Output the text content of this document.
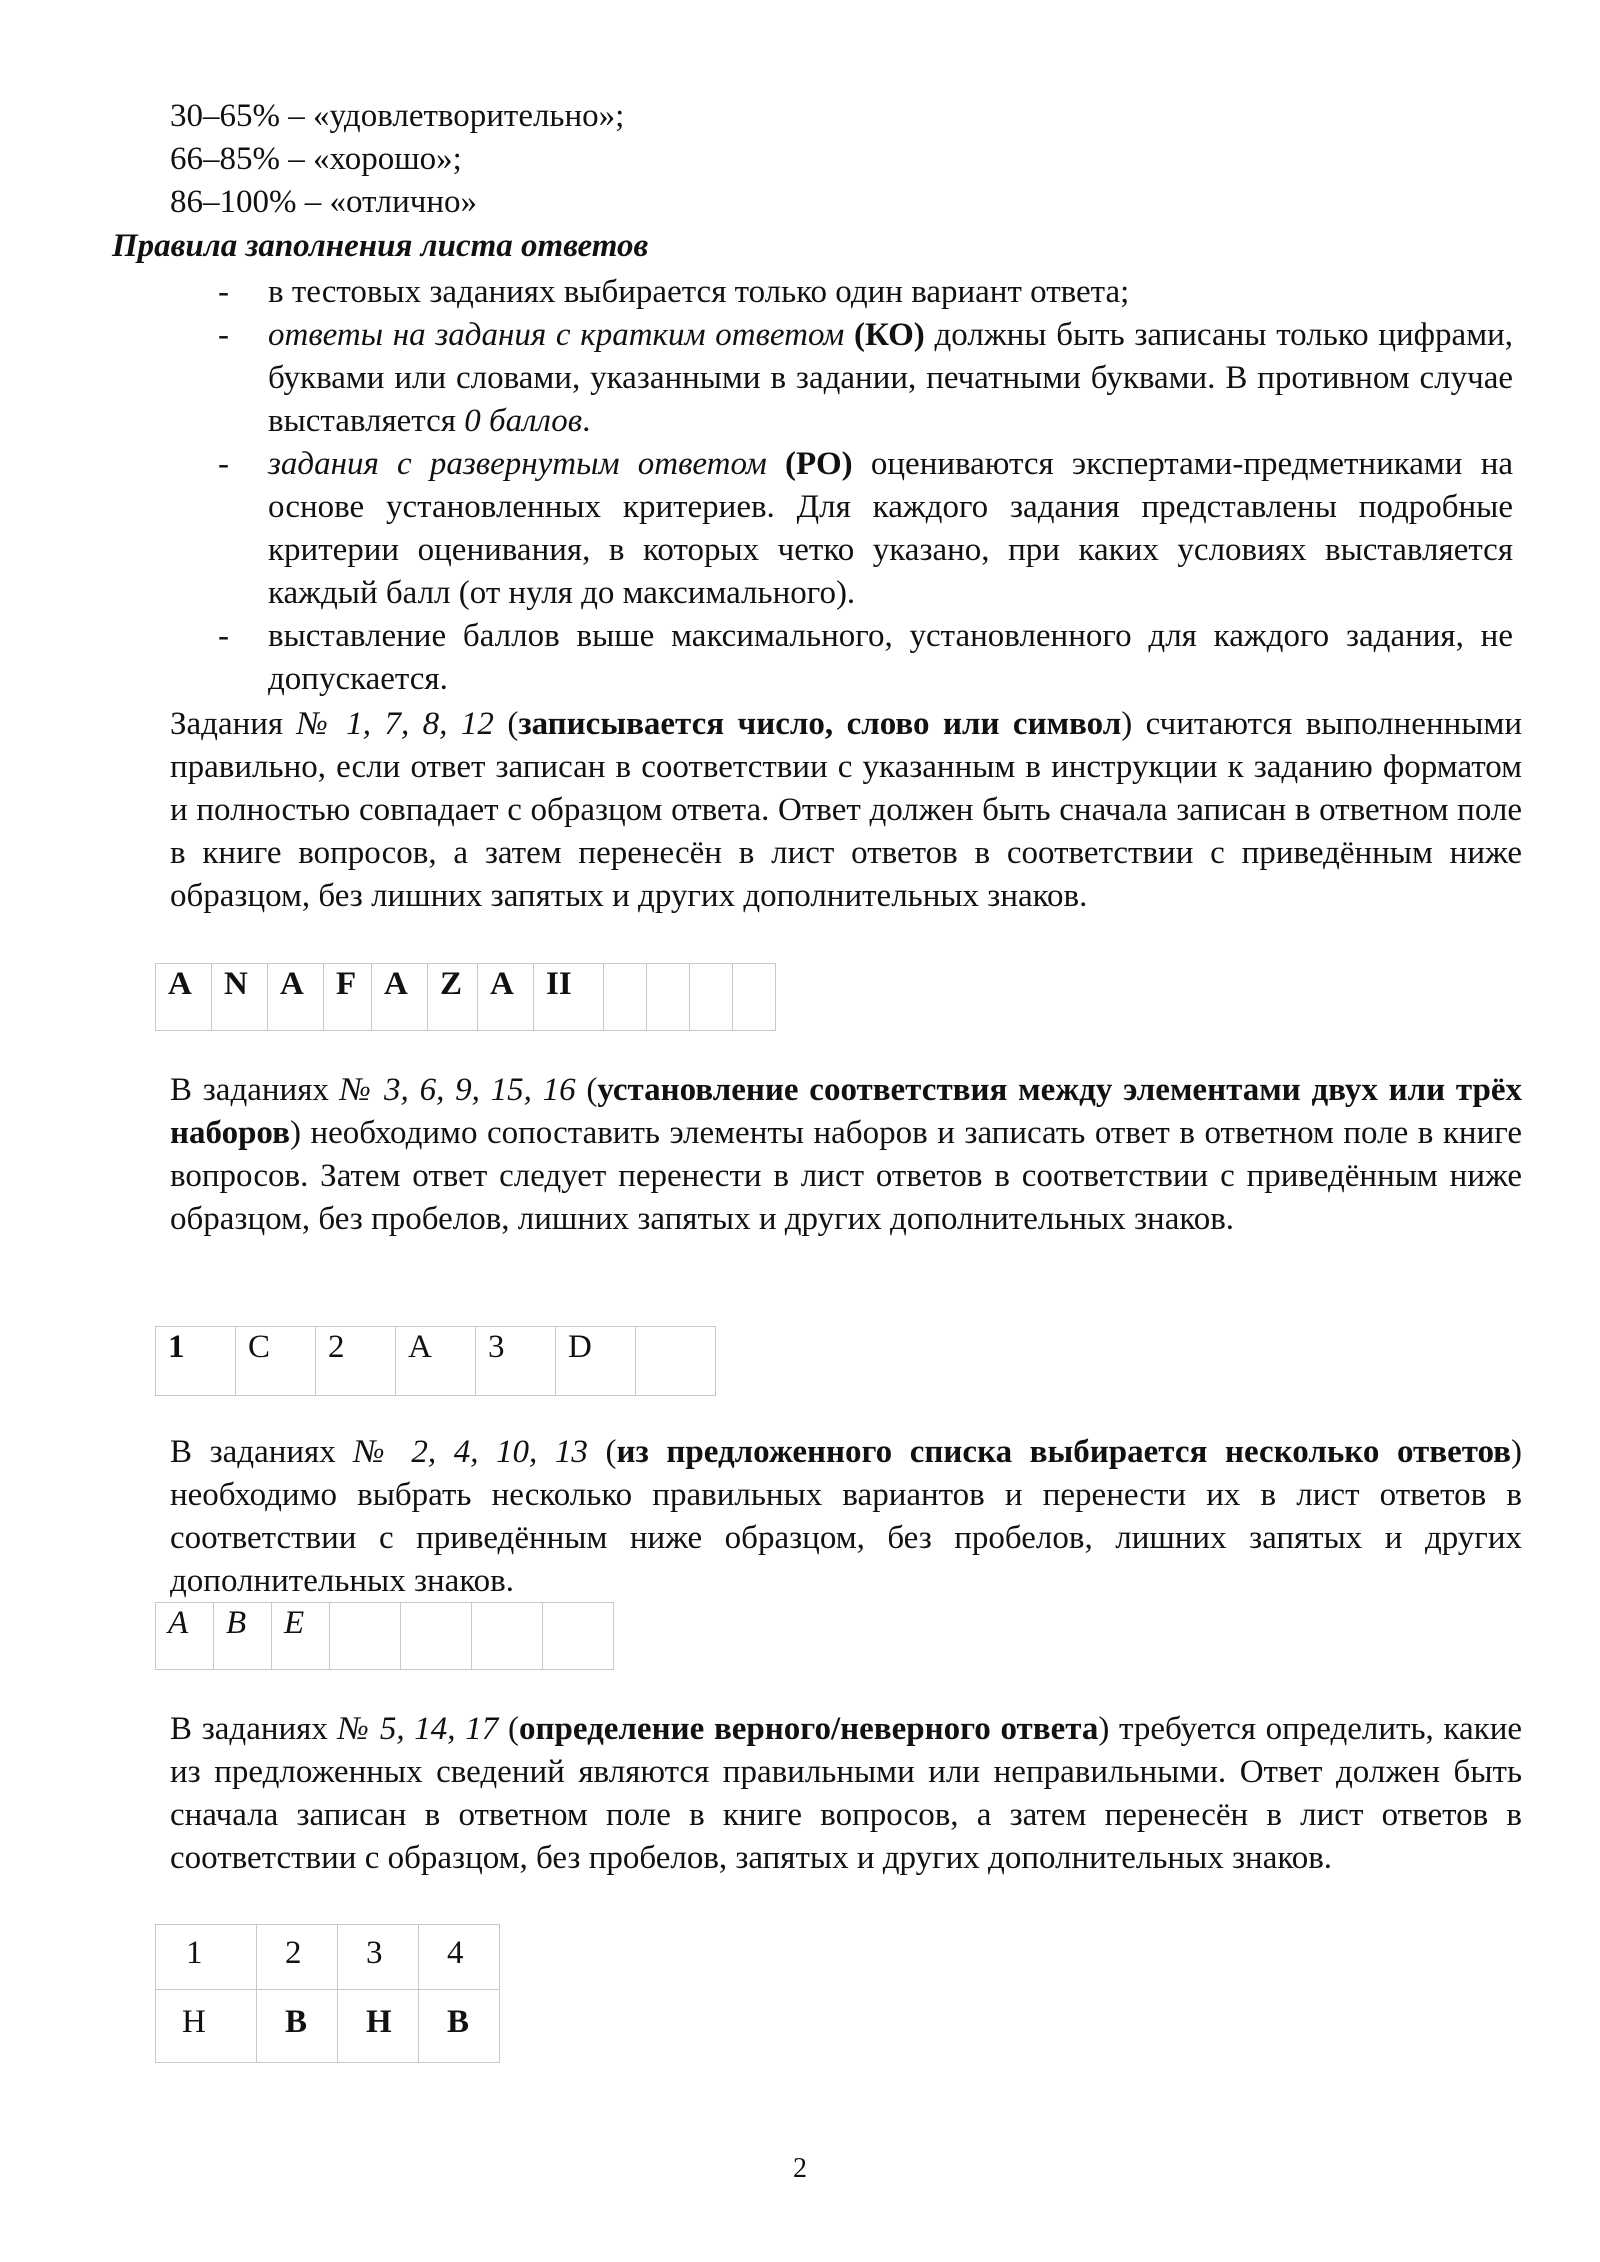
30–65% – «удовлетворительно»;
66–85% – «хорошо»;
86–100% – «отлично»
Правила заполнения листа ответов
- в тестовых заданиях выбирается только один вариант ответа;
- ответы на задания с кратким ответом (КО) должны быть записаны только цифрами, буквами или словами, указанными в задании, печатными буквами. В противном случае выставляется 0 баллов.
- задания с развернутым ответом (РО) оцениваются экспертами-предметниками на основе установленных критериев. Для каждого задания представлены подробные критерии оценивания, в которых четко указано, при каких условиях выставляется каждый балл (от нуля до максимального).
- выставление баллов выше максимального, установленного для каждого задания, не допускается.
Задания № 1, 7, 8, 12 (записывается число, слово или символ) считаются выполненными правильно, если ответ записан в соответствии с указанным в инструкции к заданию форматом и полностью совпадает с образцом ответа. Ответ должен быть сначала записан в ответном поле в книге вопросов, а затем перенесён в лист ответов в соответствии с приведённым ниже образцом, без лишних запятых и других дополнительных знаков.
A	N	A	F	A	Z	A	II				
В заданиях № 3, 6, 9, 15, 16 (установление соответствия между элементами двух или трёх наборов) необходимо сопоставить элементы наборов и записать ответ в ответном поле в книге вопросов. Затем ответ следует перенести в лист ответов в соответствии с приведённым ниже образцом, без пробелов, лишних запятых и других дополнительных знаков.
1	C	2	A	3	D	
В заданиях № 2, 4, 10, 13 (из предложенного списка выбирается несколько ответов) необходимо выбрать несколько правильных вариантов и перенести их в лист ответов в соответствии с приведённым ниже образцом, без пробелов, лишних запятых и других дополнительных знаков.
A	B	E				
В заданиях № 5, 14, 17 (определение верного/неверного ответа) требуется определить, какие из предложенных сведений являются правильными или неправильными. Ответ должен быть сначала записан в ответном поле в книге вопросов, а затем перенесён в лист ответов в соответствии с образцом, без пробелов, запятых и других дополнительных знаков.
1	2	3	4
Н	В	Н	В
2
